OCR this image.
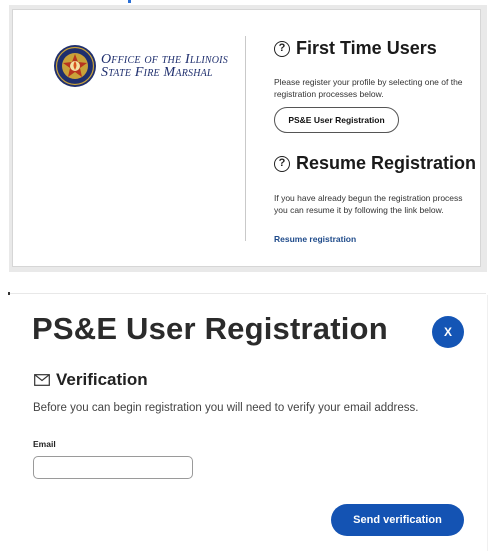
Office of the Illinois
State Fire Marshal
? First Time Users

Please register your profile by selecting one of the registration processes below.

PS&E User Registration
? Resume Registration

If you have already begun the registration process you can resume it by following the link below.

Resume registration
PS&E User Registration	X
Verification

Before you can begin registration you will need to verify your email address.

Email
Send verification
